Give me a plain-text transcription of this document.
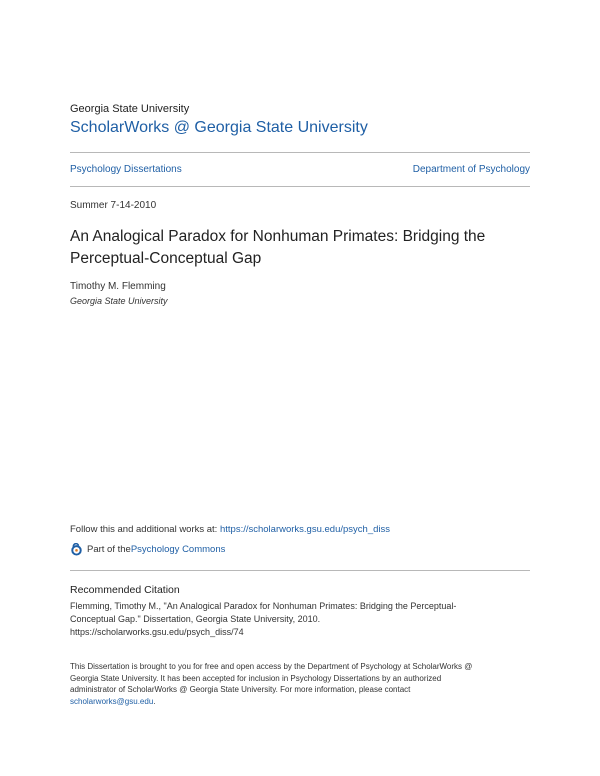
Georgia State University
ScholarWorks @ Georgia State University
Psychology Dissertations	Department of Psychology
Summer 7-14-2010
An Analogical Paradox for Nonhuman Primates: Bridging the Perceptual-Conceptual Gap
Timothy M. Flemming
Georgia State University
Follow this and additional works at: https://scholarworks.gsu.edu/psych_diss
Part of the Psychology Commons
Recommended Citation
Flemming, Timothy M., "An Analogical Paradox for Nonhuman Primates: Bridging the Perceptual-
Conceptual Gap." Dissertation, Georgia State University, 2010.
https://scholarworks.gsu.edu/psych_diss/74
This Dissertation is brought to you for free and open access by the Department of Psychology at ScholarWorks @
Georgia State University. It has been accepted for inclusion in Psychology Dissertations by an authorized
administrator of ScholarWorks @ Georgia State University. For more information, please contact
scholarworks@gsu.edu.
